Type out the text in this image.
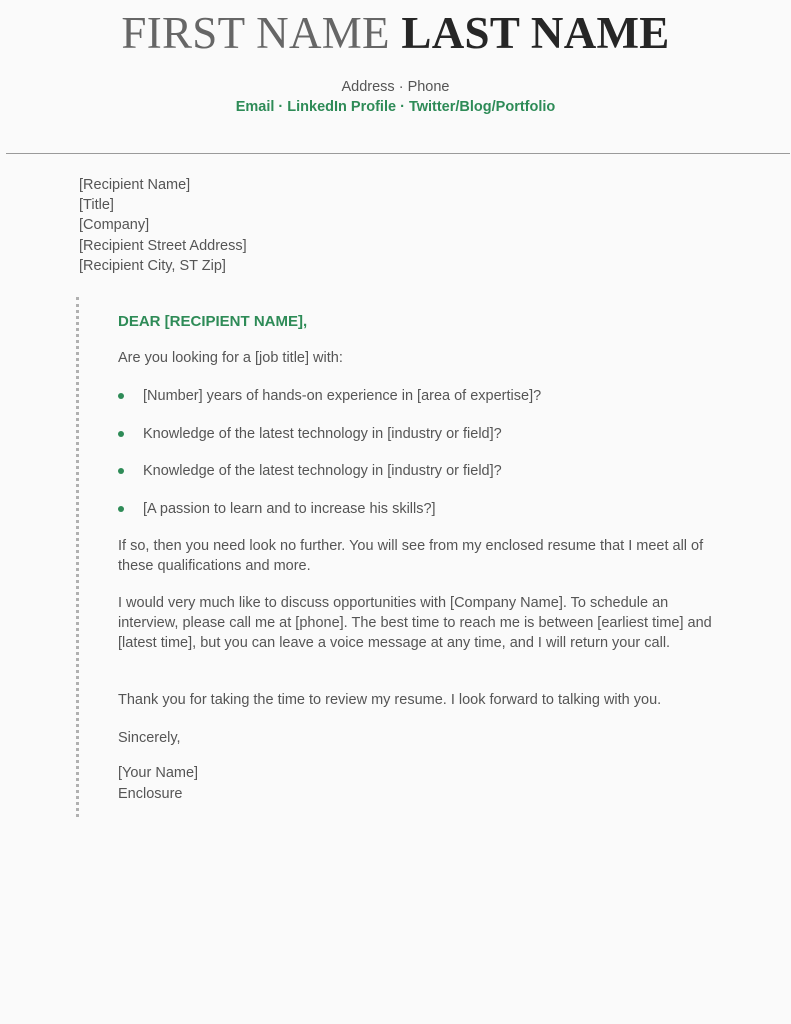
FIRST NAME LAST NAME
Address · Phone
Email · LinkedIn Profile · Twitter/Blog/Portfolio
[Recipient Name]
[Title]
[Company]
[Recipient Street Address]
[Recipient City, ST Zip]
DEAR [RECIPIENT NAME],
Are you looking for a [job title] with:
[Number] years of hands-on experience in [area of expertise]?
Knowledge of the latest technology in [industry or field]?
Knowledge of the latest technology in [industry or field]?
[A passion to learn and to increase his skills?]
If so, then you need look no further. You will see from my enclosed resume that I meet all of these qualifications and more.
I would very much like to discuss opportunities with [Company Name]. To schedule an interview, please call me at [phone]. The best time to reach me is between [earliest time] and [latest time], but you can leave a voice message at any time, and I will return your call.
Thank you for taking the time to review my resume. I look forward to talking with you.
Sincerely,
[Your Name]
Enclosure
